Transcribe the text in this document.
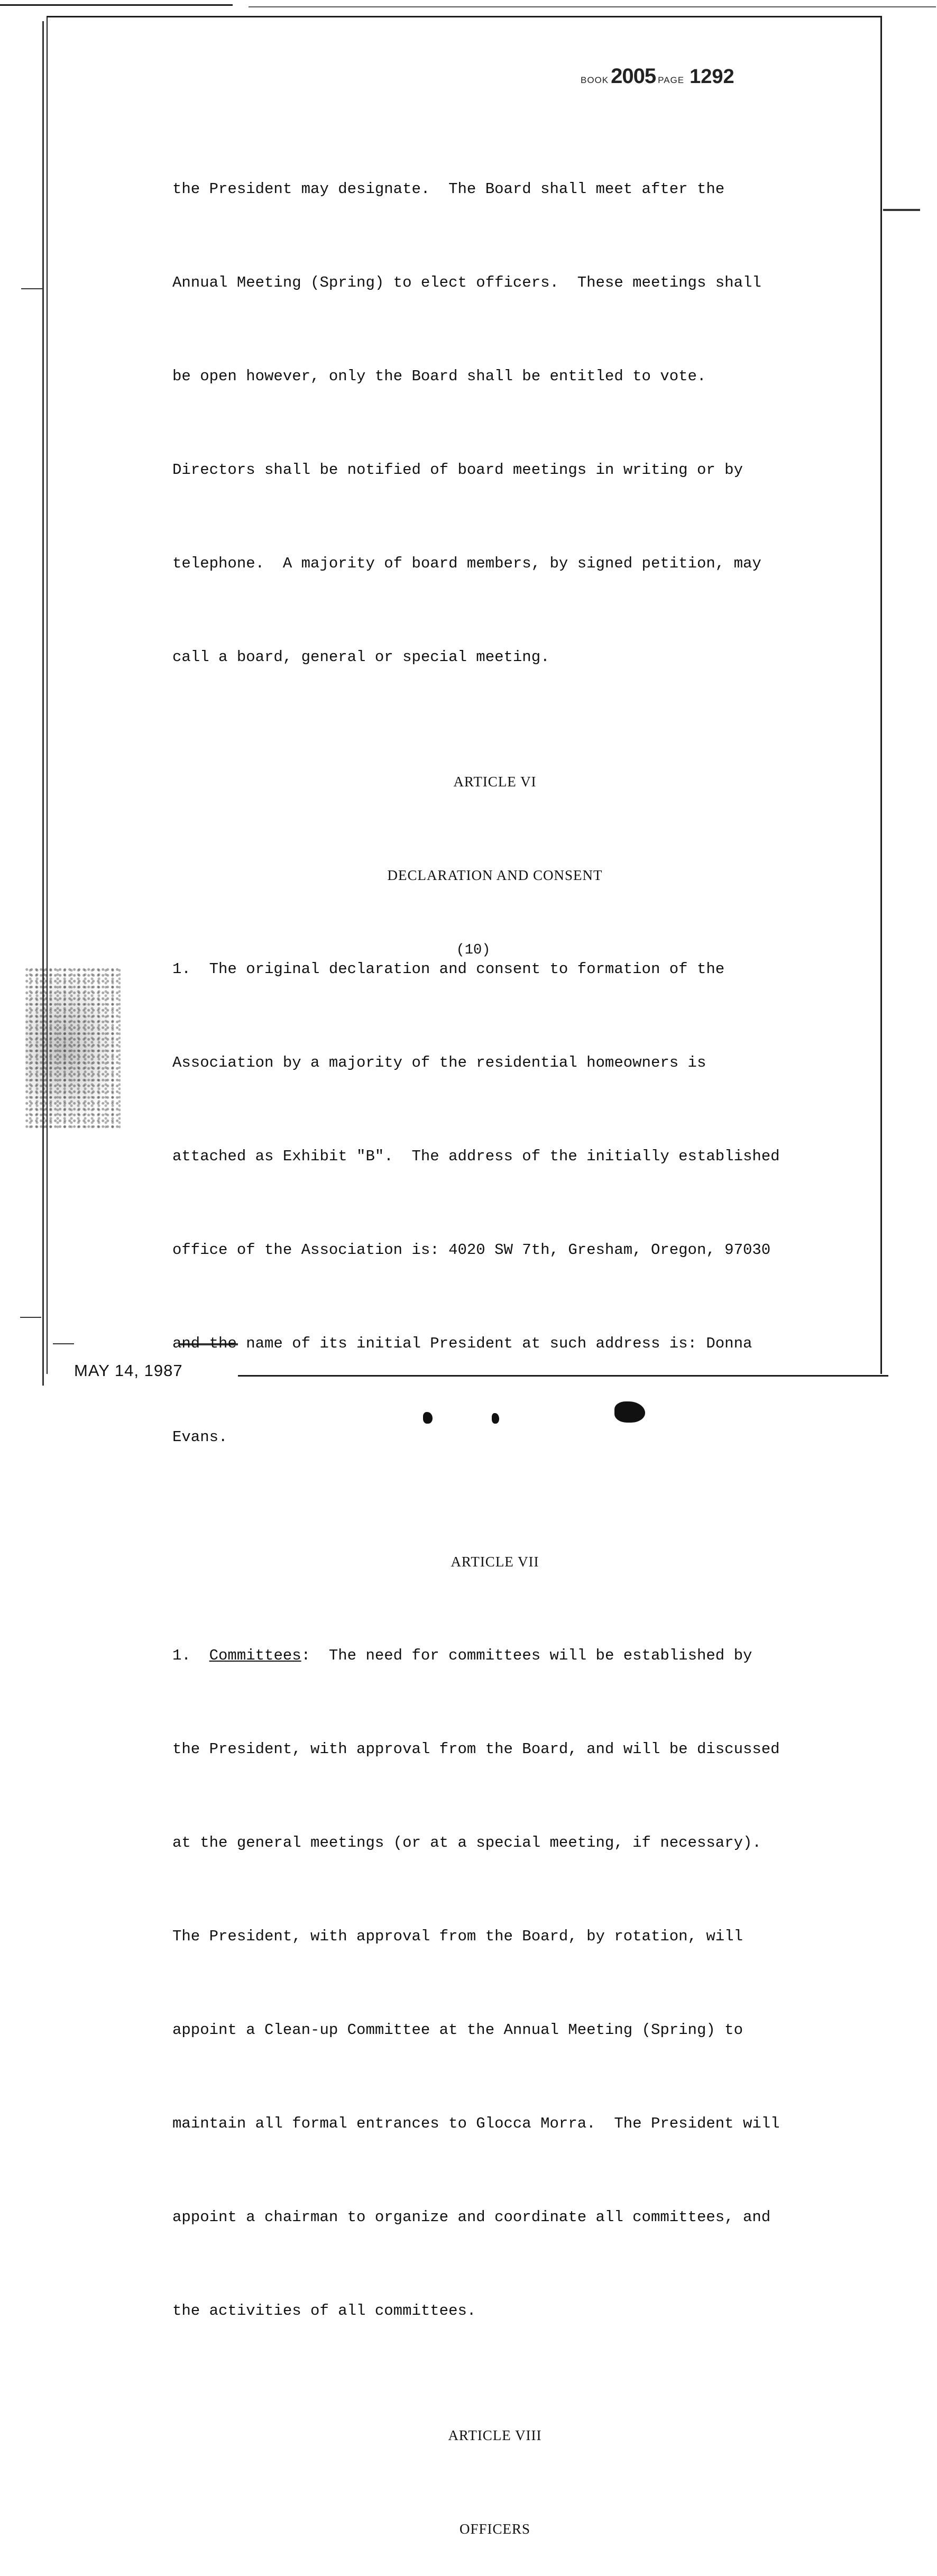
BOOK 2005 PAGE 1292

the President may designate.  The Board shall meet after the

Annual Meeting (Spring) to elect officers.  These meetings shall

be open however, only the Board shall be entitled to vote.

Directors shall be notified of board meetings in writing or by

telephone.  A majority of board members, by signed petition, may

call a board, general or special meeting.

ARTICLE VI

DECLARATION AND CONSENT

1.  The original declaration and consent to formation of the

Association by a majority of the residential homeowners is

attached as Exhibit "B".  The address of the initially established

office of the Association is: 4020 SW 7th, Gresham, Oregon, 97030

and the name of its initial President at such address is: Donna

Evans.

ARTICLE VII

1.  Committees:  The need for committees will be established by

the President, with approval from the Board, and will be discussed

at the general meetings (or at a special meeting, if necessary).

The President, with approval from the Board, by rotation, will

appoint a Clean-up Committee at the Annual Meeting (Spring) to

maintain all formal entrances to Glocca Morra.  The President will

appoint a chairman to organize and coordinate all committees, and

the activities of all committees.

ARTICLE VIII

OFFICERS

(10)
MAY 14, 1987
